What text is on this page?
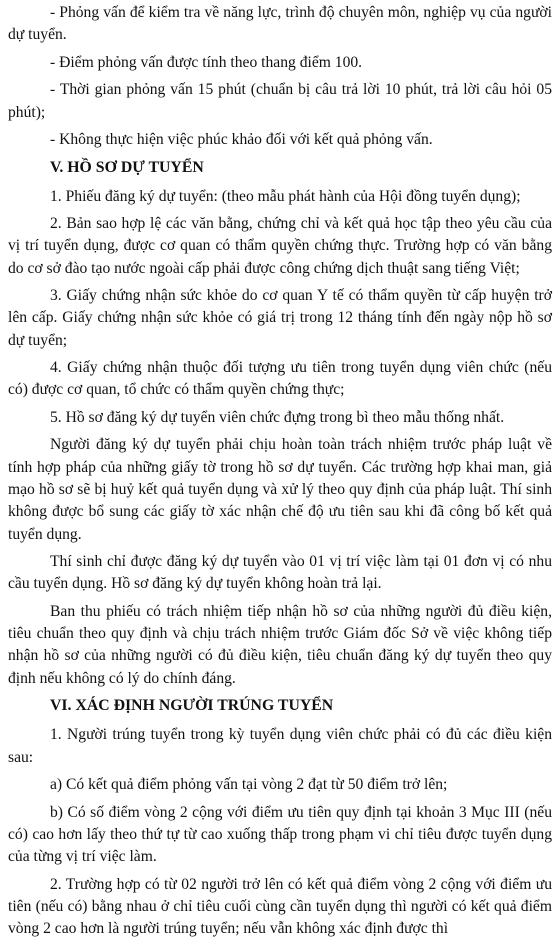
- Phỏng vấn để kiểm tra về năng lực, trình độ chuyên môn, nghiệp vụ của người dự tuyển.

- Điểm phỏng vấn được tính theo thang điểm 100.

- Thời gian phỏng vấn 15 phút (chuẩn bị câu trả lời 10 phút, trả lời câu hỏi 05 phút);

- Không thực hiện việc phúc khảo đối với kết quả phỏng vấn.

V. HỒ SƠ DỰ TUYỂN

1. Phiếu đăng ký dự tuyển: (theo mẫu phát hành của Hội đồng tuyển dụng);

2. Bản sao hợp lệ các văn bằng, chứng chỉ và kết quả học tập theo yêu cầu của vị trí tuyển dụng, được cơ quan có thẩm quyền chứng thực. Trường hợp có văn bằng do cơ sở đào tạo nước ngoài cấp phải được công chứng dịch thuật sang tiếng Việt;

3. Giấy chứng nhận sức khỏe do cơ quan Y tế có thẩm quyền từ cấp huyện trở lên cấp. Giấy chứng nhận sức khỏe có giá trị trong 12 tháng tính đến ngày nộp hồ sơ dự tuyển;

4. Giấy chứng nhận thuộc đối tượng ưu tiên trong tuyển dụng viên chức (nếu có) được cơ quan, tổ chức có thẩm quyền chứng thực;

5. Hồ sơ đăng ký dự tuyển viên chức đựng trong bì theo mẫu thống nhất.

Người đăng ký dự tuyển phải chịu hoàn toàn trách nhiệm trước pháp luật về tính hợp pháp của những giấy tờ trong hồ sơ dự tuyển. Các trường hợp khai man, giả mạo hồ sơ sẽ bị huỷ kết quả tuyển dụng và xử lý theo quy định của pháp luật. Thí sinh không được bổ sung các giấy tờ xác nhận chế độ ưu tiên sau khi đã công bố kết quả tuyển dụng.

Thí sinh chỉ được đăng ký dự tuyển vào 01 vị trí việc làm tại 01 đơn vị có nhu cầu tuyển dụng. Hồ sơ đăng ký dự tuyển không hoàn trả lại.

Ban thu phiếu có trách nhiệm tiếp nhận hồ sơ của những người đủ điều kiện, tiêu chuẩn theo quy định và chịu trách nhiệm trước Giám đốc Sở về việc không tiếp nhận hồ sơ của những người có đủ điều kiện, tiêu chuẩn đăng ký dự tuyển theo quy định nếu không có lý do chính đáng.

VI. XÁC ĐỊNH NGƯỜI TRÚNG TUYỂN

1. Người trúng tuyển trong kỳ tuyển dụng viên chức phải có đủ các điều kiện sau:

a) Có kết quả điểm phỏng vấn tại vòng 2 đạt từ 50 điểm trở lên;

b) Có số điểm vòng 2 cộng với điểm ưu tiên quy định tại khoản 3 Mục III (nếu có) cao hơn lấy theo thứ tự từ cao xuống thấp trong phạm vi chỉ tiêu được tuyển dụng của từng vị trí việc làm.

2. Trường hợp có từ 02 người trở lên có kết quả điểm vòng 2 cộng với điểm ưu tiên (nếu có) bằng nhau ở chỉ tiêu cuối cùng cần tuyển dụng thì người có kết quả điểm vòng 2 cao hơn là người trúng tuyển; nếu vẫn không xác định được thì
